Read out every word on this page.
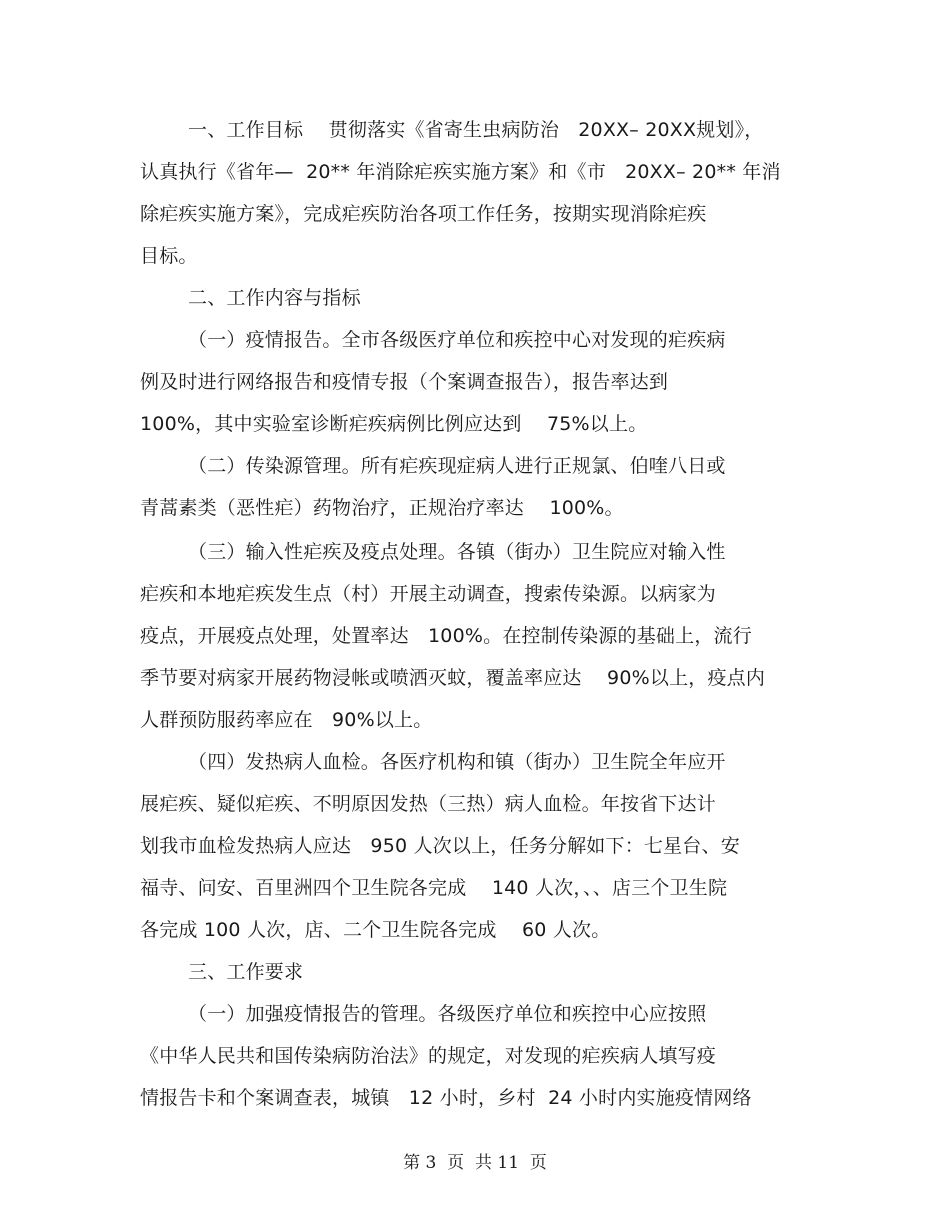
一、工作目标　 贯彻落实《省寄生虫病防治　20XX– 20XX规划》，
认真执行《省年—  20** 年消除疟疾实施方案》和《市　20XX– 20** 年消
除疟疾实施方案》，完成疟疾防治各项工作任务，按期实现消除疟疾
目标。
二、工作内容与指标
（一）疫情报告。全市各级医疗单位和疾控中心对发现的疟疾病
例及时进行网络报告和疫情专报（个案调查报告），报告率达到
100%，其中实验室诊断疟疾病例比例应达到　 75%以上。
（二）传染源管理。所有疟疾现症病人进行正规氯、伯喹八日或
青蒿素类（恶性疟）药物治疗，正规治疗率达　 100%。
（三）输入性疟疾及疫点处理。各镇（街办）卫生院应对输入性
疟疾和本地疟疾发生点（村）开展主动调查，搜索传染源。以病家为
疫点，开展疫点处理，处置率达　100%。在控制传染源的基础上，流行
季节要对病家开展药物浸帐或喷洒灭蚊，覆盖率应达　 90%以上，疫点内
人群预防服药率应在　90%以上。
（四）发热病人血检。各医疗机构和镇（街办）卫生院全年应开
展疟疾、疑似疟疾、不明原因发热（三热）病人血检。年按省下达计
划我市血检发热病人应达　950 人次以上，任务分解如下：七星台、安
福寺、问安、百里洲四个卫生院各完成　 140 人次，、、店三个卫生院
各完成 100 人次，店、二个卫生院各完成　 60 人次。
三、工作要求
（一）加强疫情报告的管理。各级医疗单位和疾控中心应按照
《中华人民共和国传染病防治法》的规定，对发现的疟疾病人填写疫
情报告卡和个案调查表，城镇　12 小时，乡村  24 小时内实施疫情网络
第 3  页  共 11  页
